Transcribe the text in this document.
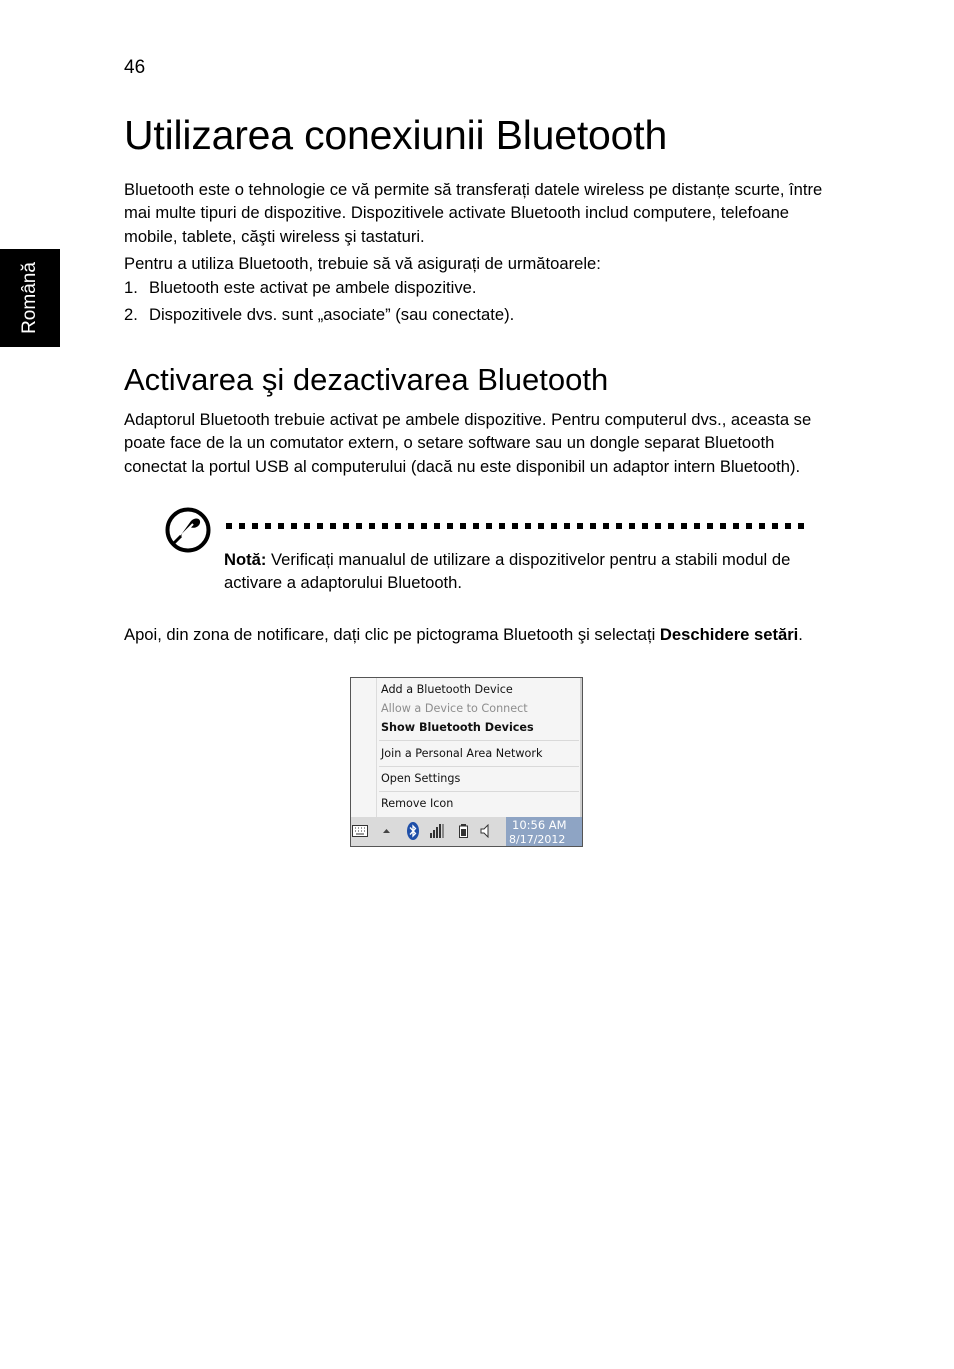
46
Română
Utilizarea conexiunii Bluetooth

Bluetooth este o tehnologie ce vă permite să transferați datele wireless pe distanțe scurte, între mai multe tipuri de dispozitive. Dispozitivele activate Bluetooth includ computere, telefoane mobile, tablete, căşti wireless şi tastaturi.

Pentru a utiliza Bluetooth, trebuie să vă asigurați de următoarele:

1. Bluetooth este activat pe ambele dispozitive.
2. Dispozitivele dvs. sunt „asociate” (sau conectate).
Activarea şi dezactivarea Bluetooth

Adaptorul Bluetooth trebuie activat pe ambele dispozitive. Pentru computerul dvs., aceasta se poate face de la un comutator extern, o setare software sau un dongle separat Bluetooth conectat la portul USB al computerului (dacă nu este disponibil un adaptor intern Bluetooth).

Notă: Verificați manualul de utilizare a dispozitivelor pentru a stabili modul de activare a adaptorului Bluetooth.

Apoi, din zona de notificare, dați clic pe pictograma Bluetooth şi selectați Deschidere setări.

Add a Bluetooth Device
Allow a Device to Connect
Show Bluetooth Devices
Join a Personal Area Network
Open Settings
Remove Icon
10:56 AM
8/17/2012
